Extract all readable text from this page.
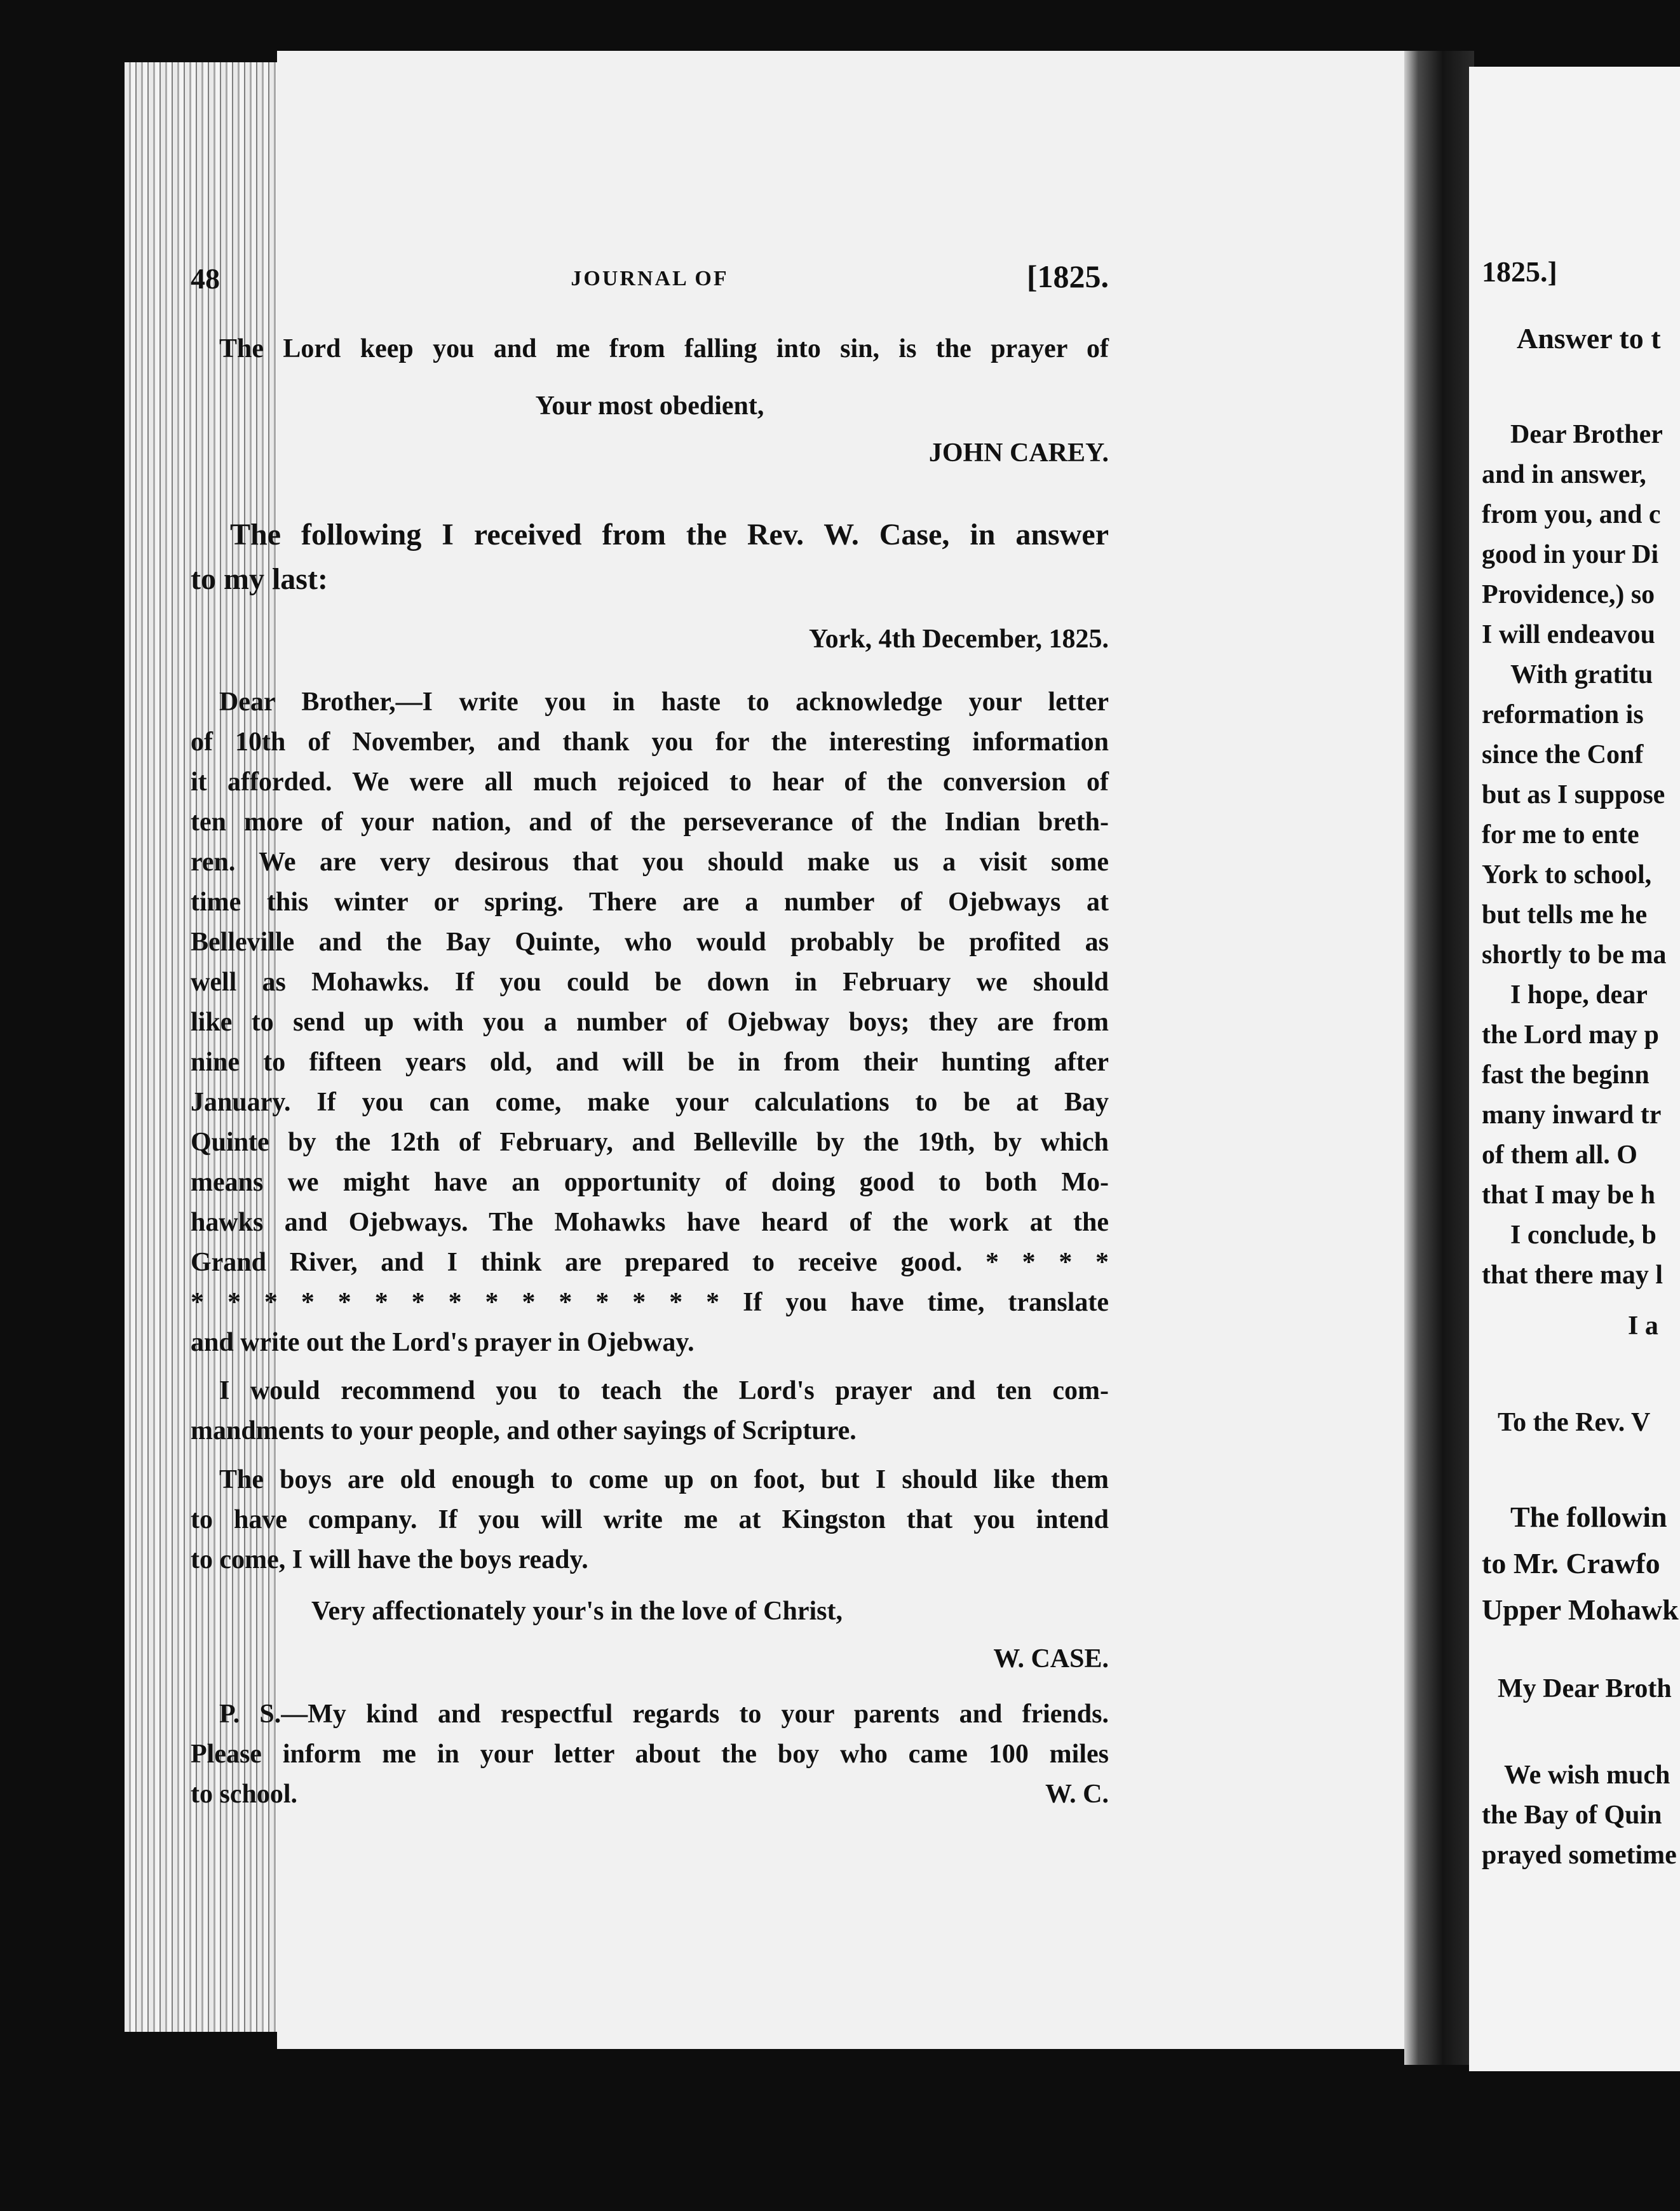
48	JOURNAL OF	[1825.
The Lord keep you and me from falling into sin, is the prayer of
Your most obedient,
JOHN CAREY.
The following I received from the Rev. W. Case, in answer
to my last:
York, 4th December, 1825.
Dear Brother,—I write you in haste to acknowledge your letter
of 10th of November, and thank you for the interesting information
it afforded. We were all much rejoiced to hear of the conversion of
ten more of your nation, and of the perseverance of the Indian breth-
ren. We are very desirous that you should make us a visit some
time this winter or spring. There are a number of Ojebways at
Belleville and the Bay Quinte, who would probably be profited as
well as Mohawks. If you could be down in February we should
like to send up with you a number of Ojebway boys; they are from
nine to fifteen years old, and will be in from their hunting after
January. If you can come, make your calculations to be at Bay
Quinte by the 12th of February, and Belleville by the 19th, by which
means we might have an opportunity of doing good to both Mo-
hawks and Ojebways. The Mohawks have heard of the work at the
Grand River, and I think are prepared to receive good. * * * *
* * * * * * * * * * * * * * * If you have time, translate
and write out the Lord's prayer in Ojebway.
I would recommend you to teach the Lord's prayer and ten com-
mandments to your people, and other sayings of Scripture.
The boys are old enough to come up on foot, but I should like them
to have company. If you will write me at Kingston that you intend
to come, I will have the boys ready.
Very affectionately your's in the love of Christ,
W. CASE.
P. S.—My kind and respectful regards to your parents and friends.
Please inform me in your letter about the boy who came 100 miles
to school.	W. C.
1825.]
Answer to t
Dear Brother
and in answer,
from you, and c
good in your Di
Providence,) so
I will endeavou
With gratitu
reformation is
since the Conf
but as I suppose
for me to ente
York to school,
but tells me he
shortly to be ma
I hope, dear
the Lord may p
fast the beginn
many inward tr
of them all. O
that I may be h
I conclude, b
that there may l
I a
To the Rev. V
The followin
to Mr. Crawfo
Upper Mohawk
My Dear Broth
We wish much
the Bay of Quin
prayed sometime
